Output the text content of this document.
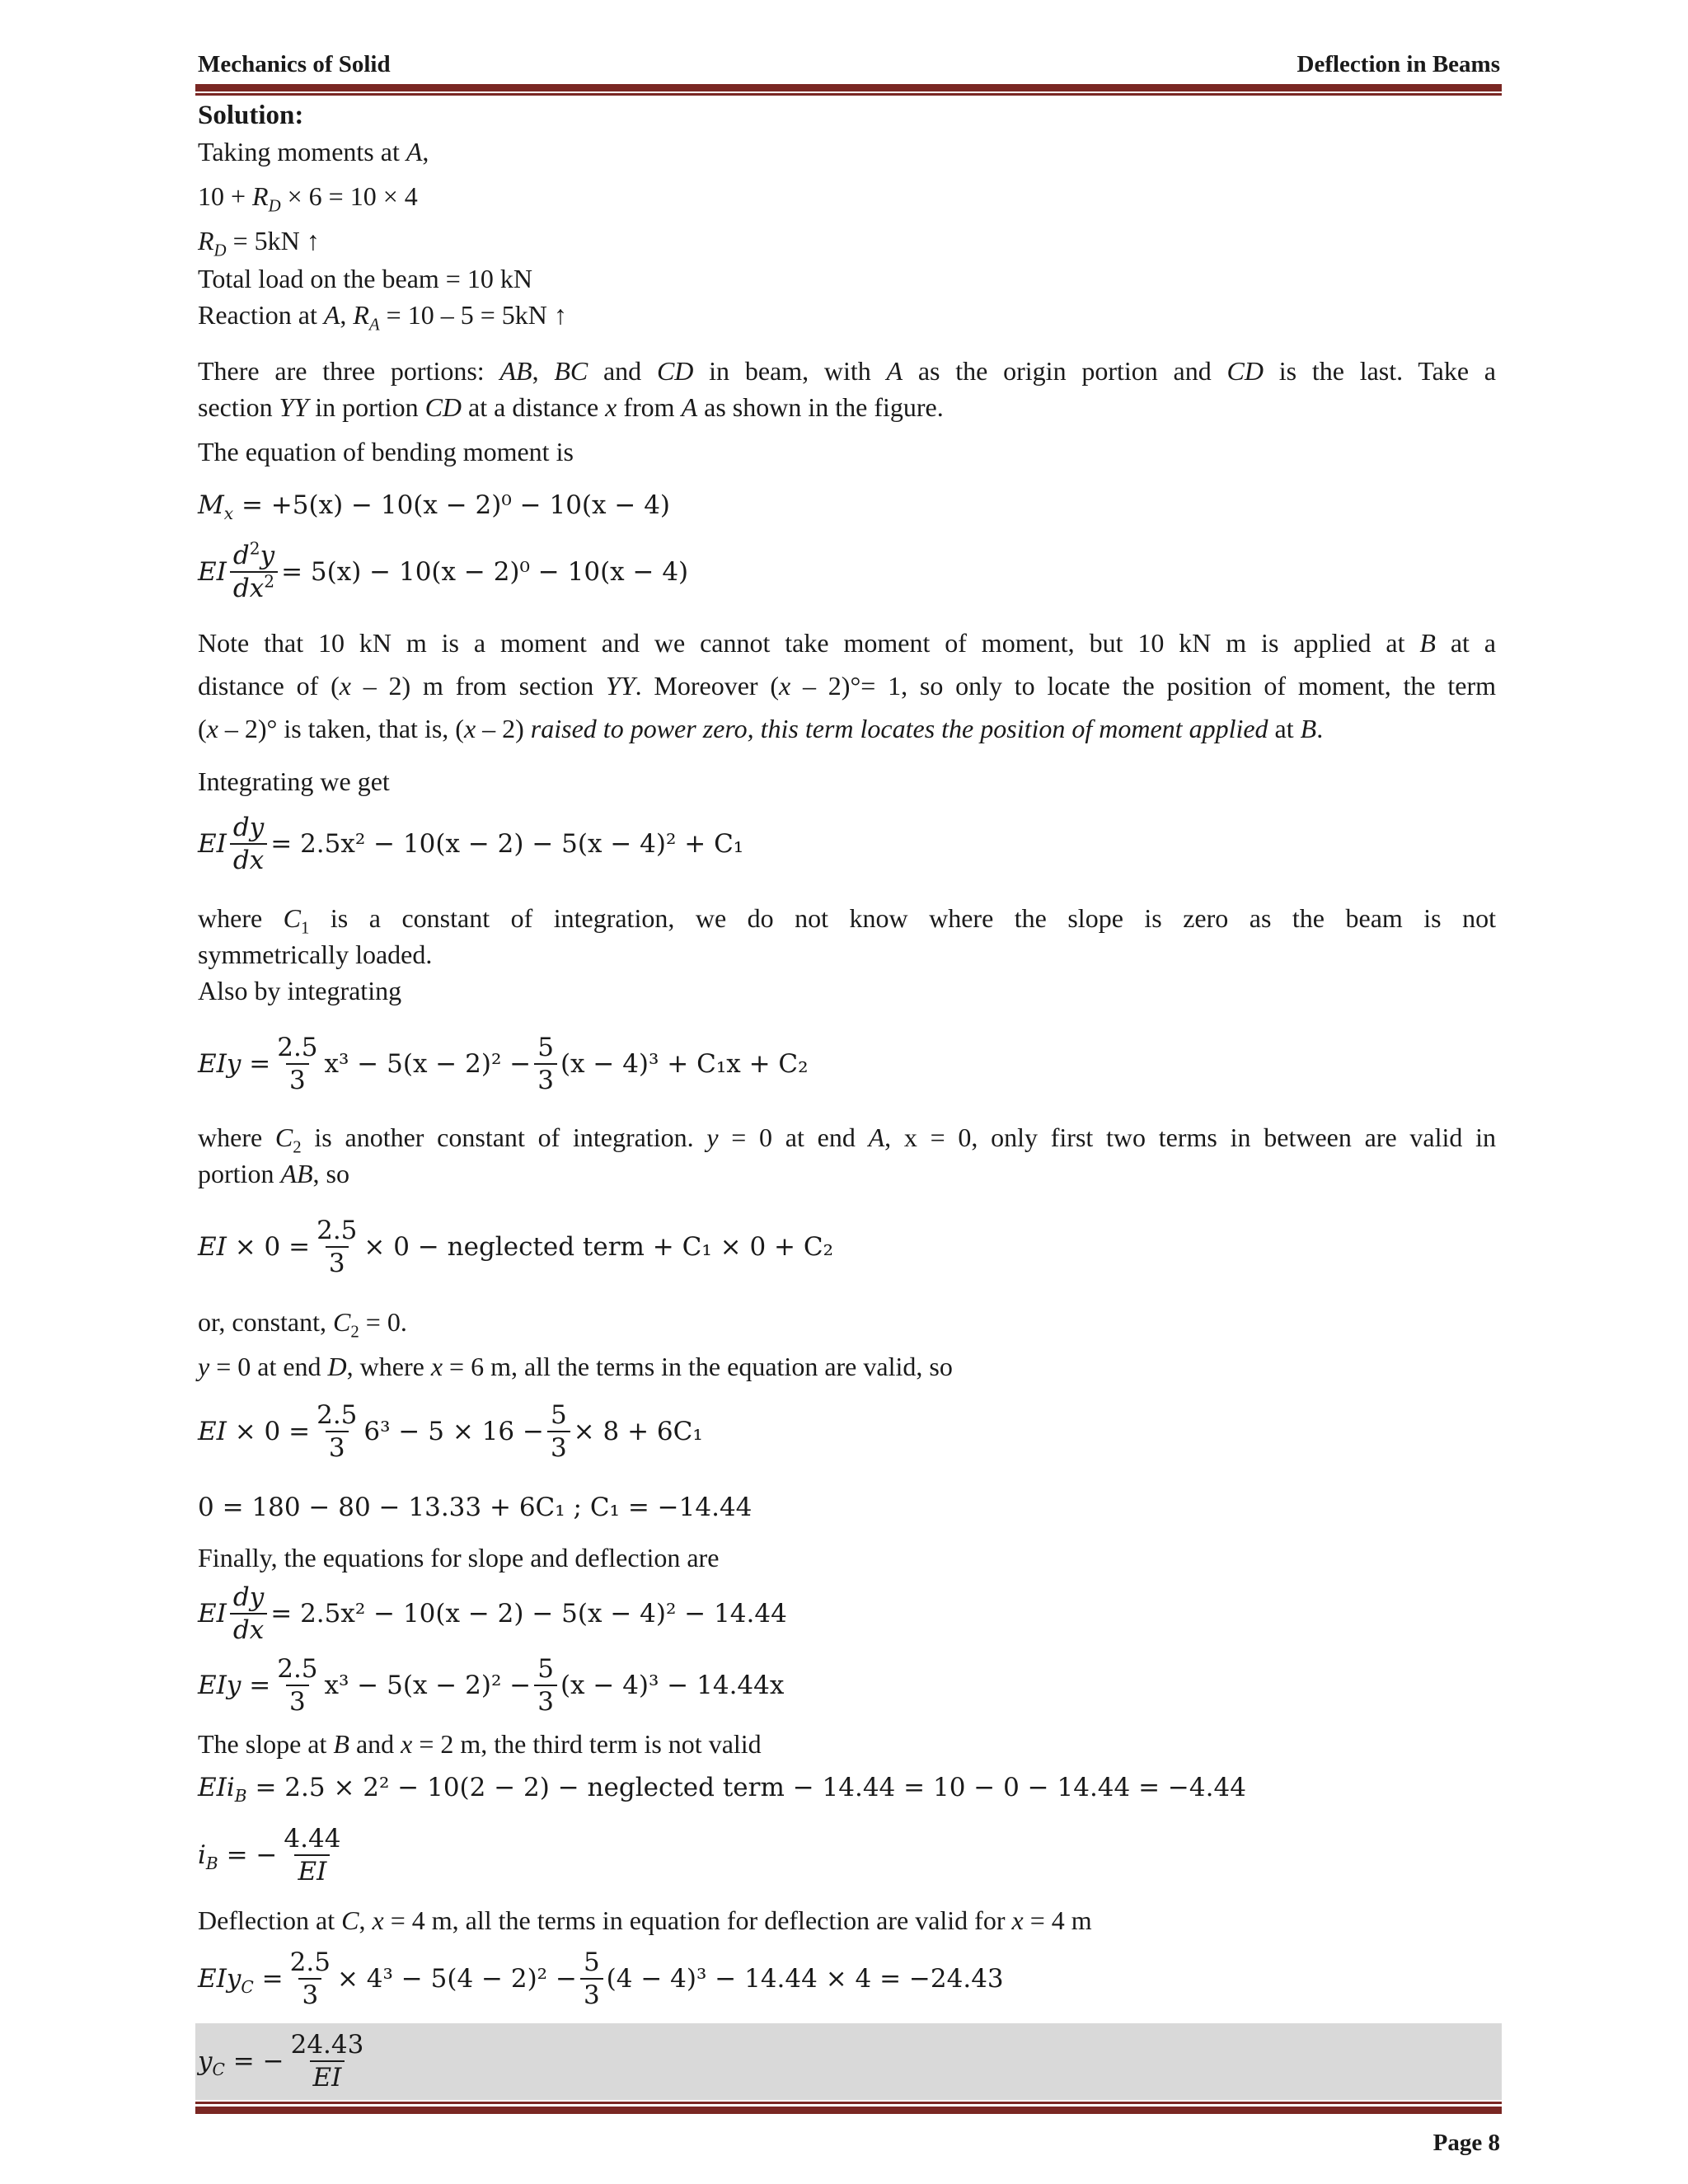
Mechanics of Solid	Deflection in Beams
Solution:
Taking moments at A,
$10 + R_D \times 6 = 10 \times 4$
$R_D = 5kN$ ↑
Total load on the beam = 10 kN
Reaction at A, $R_A = 10 - 5 = 5kN$ ↑
There are three portions: AB, BC and CD in beam, with A as the origin portion and CD is the last. Take a
section YY in portion CD at a distance x from A as shown in the figure.
The equation of bending moment is
$M_x$
= +5(x) − 10(x − 2)⁰ − 10(x − 4)
EI $\frac{d^2y}{dx^2} = 5(x) - 10(x - 2)^0 - 10(x - 4)$
Note that 10 kN m is a moment and we cannot take moment of moment, but 10 kN m is applied at B at a
distance of (x – 2) m from section YY. Moreover (x – 2)°= 1, so only to locate the position of moment, the term
(x – 2)° is taken, that is, (x – 2) raised to power zero, this term locates the position of moment applied at B.
Integrating we get
EI $\frac{dy}{dx} = 2.5x^2 - 10(x - 2) - 5(x - 4)^2 + C_1$
where $C_1$ is a constant of integration, we do not know where the slope is zero as the beam is not
symmetrically loaded.
Also by integrating
EIy = $\frac{2.5}{3} x^3 - 5(x - 2)^2 - \frac{5}{3} (x - 4)^3 + C_1x + C_2$
where $C_2$ is another constant of integration. y = 0 at end A, x = 0, only first two terms in between are valid in
portion AB, so
EI × $0 = \frac{2.5}{3} \times 0$ − neglected term + C₁ × 0 + C₂
or, constant, $C_2 = 0$.
y = 0 at end D, where x = 6 m, all the terms in the equation are valid, so
EI × $0 = \frac{2.5}{3} 6^3 - 5 \times 16 - \frac{5}{3} \times 8 + 6C_1$
0 = 180 − 80 − 13.33 + 6C₁ ; C₁ = −14.44
Finally, the equations for slope and deflection are
EI $\frac{dy}{dx} = 2.5x^2 - 10(x - 2) - 5(x - 4)^2 - 14.44$
EIy = $\frac{2.5}{3} x^3 - 5(x - 2)^2 - \frac{5}{3} (x - 4)^3 - 14.44x$
The slope at B and x = 2 m, the third term is not valid
EIi$_B$
= 2.5 × 2² − 10(2 − 2) − neglected term − 14.44 = 10 − 0 − 14.44 = −4.44
$i_B$ = − $\frac{4.44}{EI}$
Deflection at C, x = 4 m, all the terms in equation for deflection are valid for x = 4 m
$EIy_C = \frac{2.5}{3} \times 4^3 - 5(4 - 2)^2 - \frac{5}{3} (4 - 4)^3 - 14.44 \times 4 = -24.43$
$y_C$ = − $\frac{24.43}{EI}$
Page 8
